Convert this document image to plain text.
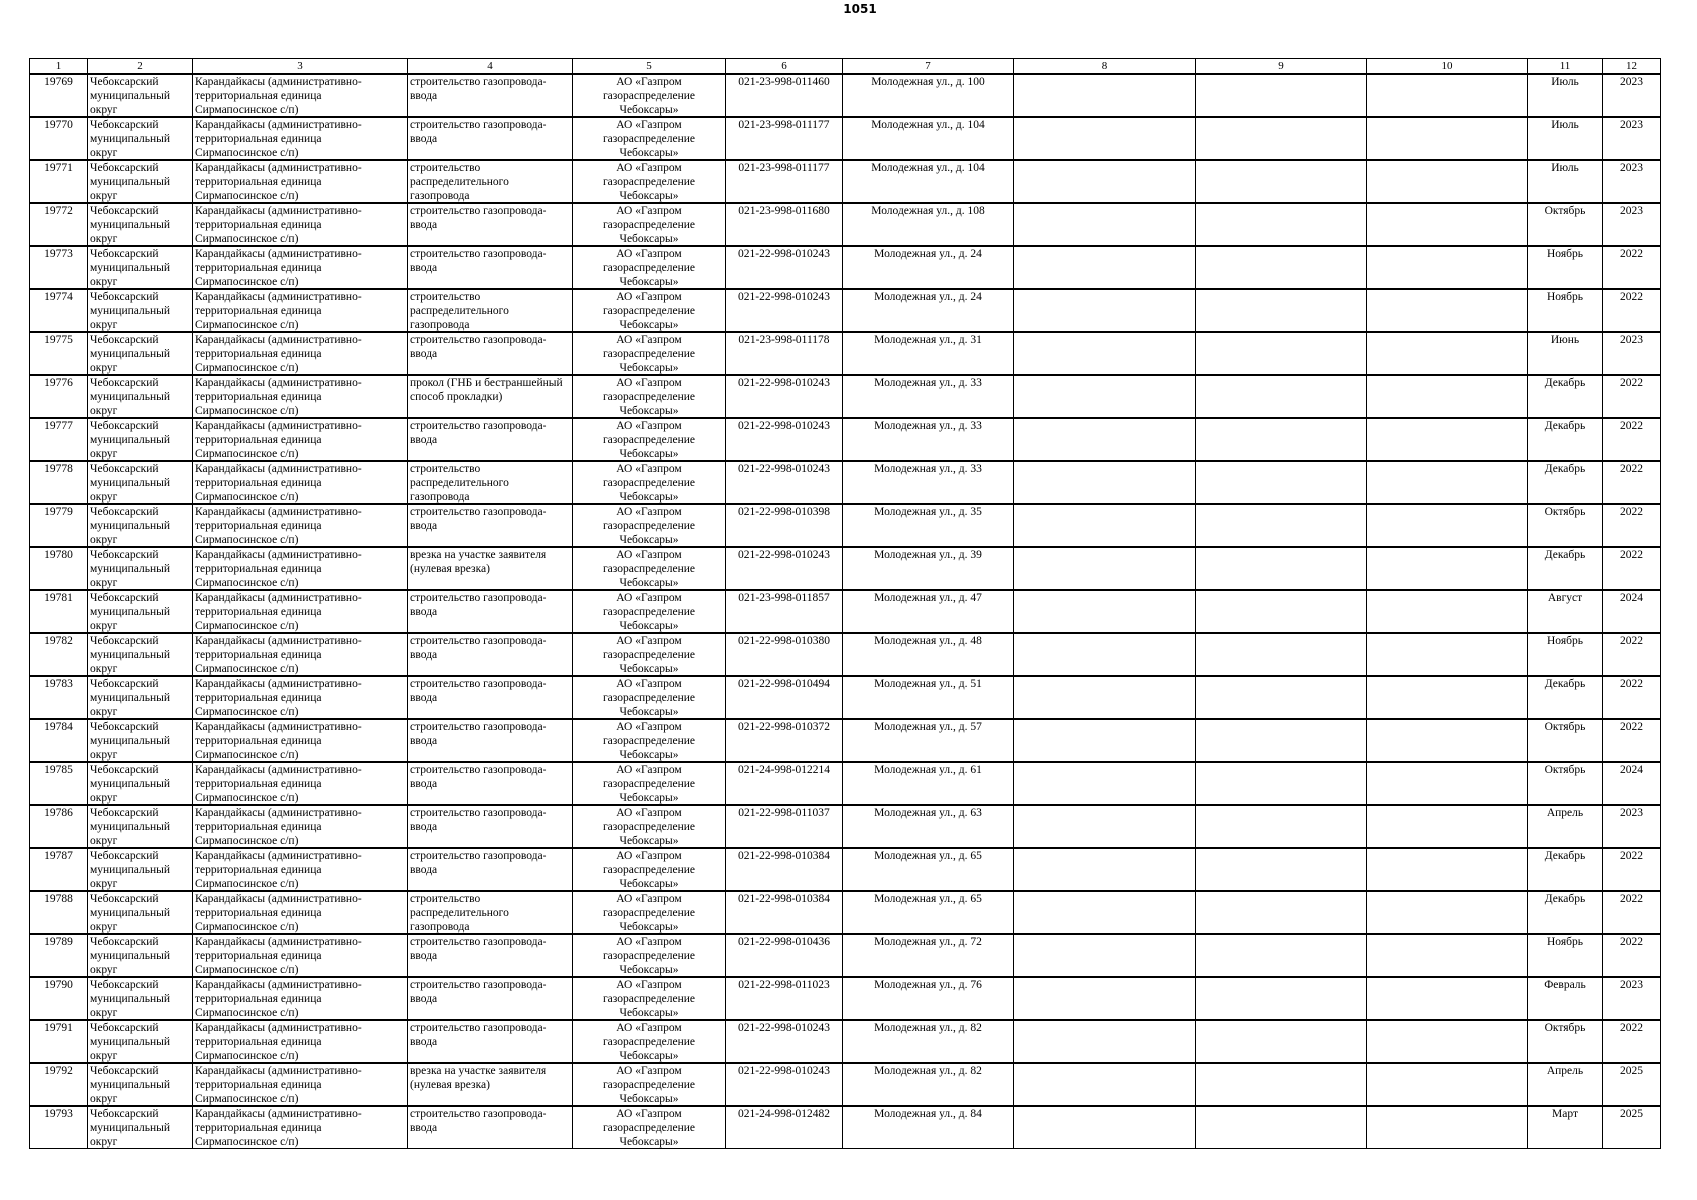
1051
1	2	3	4	5	6	7	8	9	10	11	12

19769	Чебоксарский муниципальный округ	Карандайкасы (административно-территориальная единица Сирмапосинское с/п)	строительство газопровода-ввода	АО «Газпром газораспределение Чебоксары»	021-23-998-011460	Молодежная ул., д. 100				Июль	2023

19770	Чебоксарский муниципальный округ	Карандайкасы (административно-территориальная единица Сирмапосинское с/п)	строительство газопровода-ввода	АО «Газпром газораспределение Чебоксары»	021-23-998-011177	Молодежная ул., д. 104				Июль	2023

19771	Чебоксарский муниципальный округ	Карандайкасы (административно-территориальная единица Сирмапосинское с/п)	строительство распределительного газопровода	АО «Газпром газораспределение Чебоксары»	021-23-998-011177	Молодежная ул., д. 104				Июль	2023

19772	Чебоксарский муниципальный округ	Карандайкасы (административно-территориальная единица Сирмапосинское с/п)	строительство газопровода-ввода	АО «Газпром газораспределение Чебоксары»	021-23-998-011680	Молодежная ул., д. 108				Октябрь	2023

19773	Чебоксарский муниципальный округ	Карандайкасы (административно-территориальная единица Сирмапосинское с/п)	строительство газопровода-ввода	АО «Газпром газораспределение Чебоксары»	021-22-998-010243	Молодежная ул., д. 24				Ноябрь	2022

19774	Чебоксарский муниципальный округ	Карандайкасы (административно-территориальная единица Сирмапосинское с/п)	строительство распределительного газопровода	АО «Газпром газораспределение Чебоксары»	021-22-998-010243	Молодежная ул., д. 24				Ноябрь	2022

19775	Чебоксарский муниципальный округ	Карандайкасы (административно-территориальная единица Сирмапосинское с/п)	строительство газопровода-ввода	АО «Газпром газораспределение Чебоксары»	021-23-998-011178	Молодежная ул., д. 31				Июнь	2023

19776	Чебоксарский муниципальный округ	Карандайкасы (административно-территориальная единица Сирмапосинское с/п)	прокол (ГНБ и бестраншейный способ прокладки)	АО «Газпром газораспределение Чебоксары»	021-22-998-010243	Молодежная ул., д. 33				Декабрь	2022

19777	Чебоксарский муниципальный округ	Карандайкасы (административно-территориальная единица Сирмапосинское с/п)	строительство газопровода-ввода	АО «Газпром газораспределение Чебоксары»	021-22-998-010243	Молодежная ул., д. 33				Декабрь	2022

19778	Чебоксарский муниципальный округ	Карандайкасы (административно-территориальная единица Сирмапосинское с/п)	строительство распределительного газопровода	АО «Газпром газораспределение Чебоксары»	021-22-998-010243	Молодежная ул., д. 33				Декабрь	2022

19779	Чебоксарский муниципальный округ	Карандайкасы (административно-территориальная единица Сирмапосинское с/п)	строительство газопровода-ввода	АО «Газпром газораспределение Чебоксары»	021-22-998-010398	Молодежная ул., д. 35				Октябрь	2022

19780	Чебоксарский муниципальный округ	Карандайкасы (административно-территориальная единица Сирмапосинское с/п)	врезка на участке заявителя (нулевая врезка)	АО «Газпром газораспределение Чебоксары»	021-22-998-010243	Молодежная ул., д. 39				Декабрь	2022

19781	Чебоксарский муниципальный округ	Карандайкасы (административно-территориальная единица Сирмапосинское с/п)	строительство газопровода-ввода	АО «Газпром газораспределение Чебоксары»	021-23-998-011857	Молодежная ул., д. 47				Август	2024

19782	Чебоксарский муниципальный округ	Карандайкасы (административно-территориальная единица Сирмапосинское с/п)	строительство газопровода-ввода	АО «Газпром газораспределение Чебоксары»	021-22-998-010380	Молодежная ул., д. 48				Ноябрь	2022

19783	Чебоксарский муниципальный округ	Карандайкасы (административно-территориальная единица Сирмапосинское с/п)	строительство газопровода-ввода	АО «Газпром газораспределение Чебоксары»	021-22-998-010494	Молодежная ул., д. 51				Декабрь	2022

19784	Чебоксарский муниципальный округ	Карандайкасы (административно-территориальная единица Сирмапосинское с/п)	строительство газопровода-ввода	АО «Газпром газораспределение Чебоксары»	021-22-998-010372	Молодежная ул., д. 57				Октябрь	2022

19785	Чебоксарский муниципальный округ	Карандайкасы (административно-территориальная единица Сирмапосинское с/п)	строительство газопровода-ввода	АО «Газпром газораспределение Чебоксары»	021-24-998-012214	Молодежная ул., д. 61				Октябрь	2024

19786	Чебоксарский муниципальный округ	Карандайкасы (административно-территориальная единица Сирмапосинское с/п)	строительство газопровода-ввода	АО «Газпром газораспределение Чебоксары»	021-22-998-011037	Молодежная ул., д. 63				Апрель	2023

19787	Чебоксарский муниципальный округ	Карандайкасы (административно-территориальная единица Сирмапосинское с/п)	строительство газопровода-ввода	АО «Газпром газораспределение Чебоксары»	021-22-998-010384	Молодежная ул., д. 65				Декабрь	2022

19788	Чебоксарский муниципальный округ	Карандайкасы (административно-территориальная единица Сирмапосинское с/п)	строительство распределительного газопровода	АО «Газпром газораспределение Чебоксары»	021-22-998-010384	Молодежная ул., д. 65				Декабрь	2022

19789	Чебоксарский муниципальный округ	Карандайкасы (административно-территориальная единица Сирмапосинское с/п)	строительство газопровода-ввода	АО «Газпром газораспределение Чебоксары»	021-22-998-010436	Молодежная ул., д. 72				Ноябрь	2022

19790	Чебоксарский муниципальный округ	Карандайкасы (административно-территориальная единица Сирмапосинское с/п)	строительство газопровода-ввода	АО «Газпром газораспределение Чебоксары»	021-22-998-011023	Молодежная ул., д. 76				Февраль	2023

19791	Чебоксарский муниципальный округ	Карандайкасы (административно-территориальная единица Сирмапосинское с/п)	строительство газопровода-ввода	АО «Газпром газораспределение Чебоксары»	021-22-998-010243	Молодежная ул., д. 82				Октябрь	2022

19792	Чебоксарский муниципальный округ	Карандайкасы (административно-территориальная единица Сирмапосинское с/п)	врезка на участке заявителя (нулевая врезка)	АО «Газпром газораспределение Чебоксары»	021-22-998-010243	Молодежная ул., д. 82				Апрель	2025

19793	Чебоксарский муниципальный округ	Карандайкасы (административно-территориальная единица Сирмапосинское с/п)	строительство газопровода-ввода	АО «Газпром газораспределение Чебоксары»	021-24-998-012482	Молодежная ул., д. 84				Март	2025
